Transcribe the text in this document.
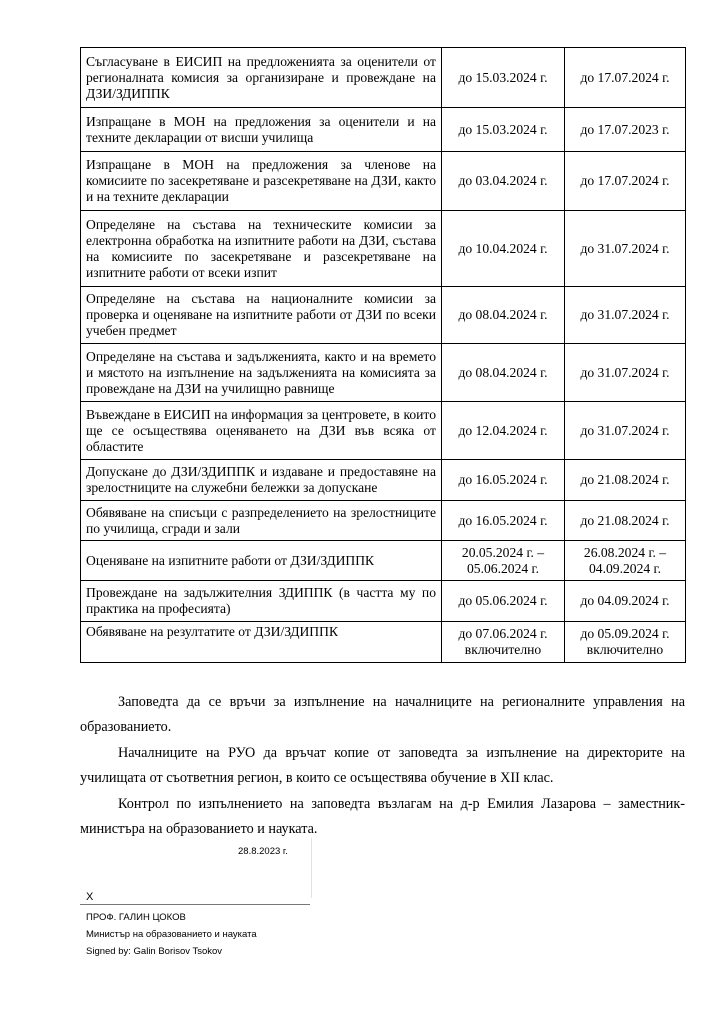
Съгласуване в ЕИСИП на предложенията за оценители от регионалната комисия за организиране и провеждане на ДЗИ/ЗДИППК	до 15.03.2024 г.	до 17.07.2024 г.
Изпращане в МОН на предложения за оценители и на техните декларации от висши училища	до 15.03.2024 г.	до 17.07.2023 г.
Изпращане в МОН на предложения за членове на комисиите по засекретяване и разсекретяване на ДЗИ, както и на техните декларации	до 03.04.2024 г.	до 17.07.2024 г.
Определяне на състава на техническите комисии за електронна обработка на изпитните работи на ДЗИ, състава на комисиите по засекретяване и разсекретяване на изпитните работи от всеки изпит	до 10.04.2024 г.	до 31.07.2024 г.
Определяне на състава на националните комисии за проверка и оценяване на изпитните работи от ДЗИ по всеки учебен предмет	до 08.04.2024 г.	до 31.07.2024 г.
Определяне на състава и задълженията, както и на времето и мястото на изпълнение на задълженията на комисията за провеждане на ДЗИ на училищно равнище	до 08.04.2024 г.	до 31.07.2024 г.
Въвеждане в ЕИСИП на информация за центровете, в които ще се осъществява оценяването на ДЗИ във всяка от областите	до 12.04.2024 г.	до 31.07.2024 г.
Допускане до ДЗИ/ЗДИППК и издаване и предоставяне на зрелостниците на служебни бележки за допускане	до 16.05.2024 г.	до 21.08.2024 г.
Обявяване на списъци с разпределението на зрелостниците по училища, сгради и зали	до 16.05.2024 г.	до 21.08.2024 г.
Оценяване на изпитните работи от ДЗИ/ЗДИППК	20.05.2024 г. – 05.06.2024 г.	26.08.2024 г. – 04.09.2024 г.
Провеждане на задължителния ЗДИППК (в частта му по практика на професията)	до 05.06.2024 г.	до 04.09.2024 г.
Обявяване на резултатите от ДЗИ/ЗДИППК	до 07.06.2024 г. включително	до 05.09.2024 г. включително

Заповедта да се връчи за изпълнение на началниците на регионалните управления на образованието.

Началниците на РУО да връчат копие от заповедта за изпълнение на директорите на училищата от съответния регион, в които се осъществява обучение в XII клас.

Контрол по изпълнението на заповедта възлагам на д-р Емилия Лазарова – заместник-министъра на образованието и науката.

28.8.2023 г.
X
ПРОФ. ГАЛИН ЦОКОВ
Министър на образованието и науката
Signed by: Galin Borisov Tsokov
